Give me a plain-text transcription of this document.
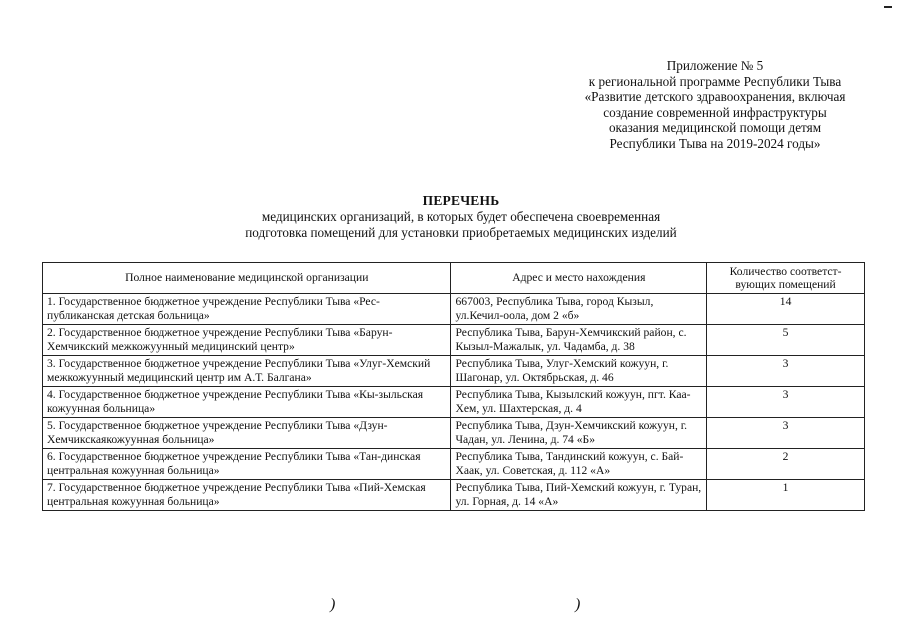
Приложение № 5
к региональной программе Республики Тыва
«Развитие детского здравоохранения, включая
создание современной инфраструктуры
оказания медицинской помощи детям
Республики Тыва на 2019-2024 годы»
ПЕРЕЧЕНЬ
медицинских организаций, в которых будет обеспечена своевременная
подготовка помещений для установки приобретаемых медицинских изделий
Полное наименование медицинской организации	Адрес и место нахождения	Количество соответст-вующих помещений
1. Государственное бюджетное учреждение Республики Тыва «Рес-публиканская детская больница»	667003, Республика Тыва, город Кызыл, ул.Кечил-оола, дом 2 «б»	14
2. Государственное бюджетное учреждение Республики Тыва «Барун-Хемчикский межкожуунный медицинский центр»	Республика Тыва, Барун-Хемчикский район, с. Кызыл-Мажалык, ул. Чадамба, д. 38	5
3. Государственное бюджетное учреждение Республики Тыва «Улуг-Хемский межкожуунный медицинский центр им А.Т. Балгана»	Республика Тыва, Улуг-Хемский кожуун, г. Шагонар, ул. Октябрьская, д. 46	3
4. Государственное бюджетное учреждение Республики Тыва «Кы-зыльская кожуунная больница»	Республика Тыва, Кызылский кожуун, пгт. Каа-Хем, ул. Шахтерская, д. 4	3
5. Государственное бюджетное учреждение Республики Тыва «Дзун-Хемчикскаякожуунная больница»	Республика Тыва, Дзун-Хемчикский кожуун, г. Чадан, ул. Ленина, д. 74 «Б»	3
6. Государственное бюджетное учреждение Республики Тыва «Тан-динская центральная кожуунная больница»	Республика Тыва, Тандинский кожуун, с. Бай-Хаак, ул. Советская, д. 112 «А»	2
7. Государственное бюджетное учреждение Республики Тыва «Пий-Хемская центральная кожуунная больница»	Республика Тыва, Пий-Хемский кожуун, г. Туран, ул. Горная, д. 14 «А»	1
)	)
